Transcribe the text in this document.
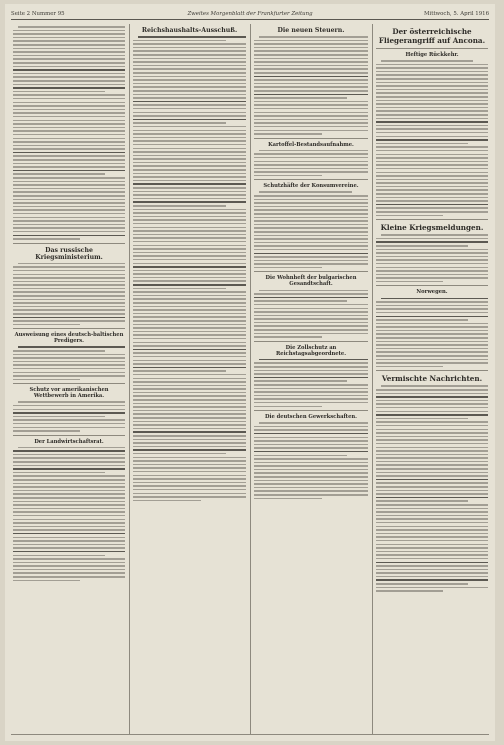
Seite 2 Nummer 95	Zweites Morgenblatt der Frankfurter Zeitung	Mittwoch, 5. April 1916
Das russische Kriegsministerium.
Ausweisung eines deutsch-baltischen Predigers.
Schutz vor amerikanischen Wettbewerb in Amerika.
Der Landwirtschaftsrat.
Reichshaushalts-Ausschuß.	Die neuen Steuern.
Kartoffel-Bestandsaufnahme.
Schutzhäfte der Konsumvereine.
Die Wohnheft der bulgarischen Gesandtschaft.
Die Zollschutz an Reichstagsabgeordnete.
Die deutschen Gewerkschaften.
Der österreichische Fliegerangriff auf Ancona.
Heftige Rückkehr.
Kleine Kriegsmeldungen.
Norwegen.
Vermischte Nachrichten.
